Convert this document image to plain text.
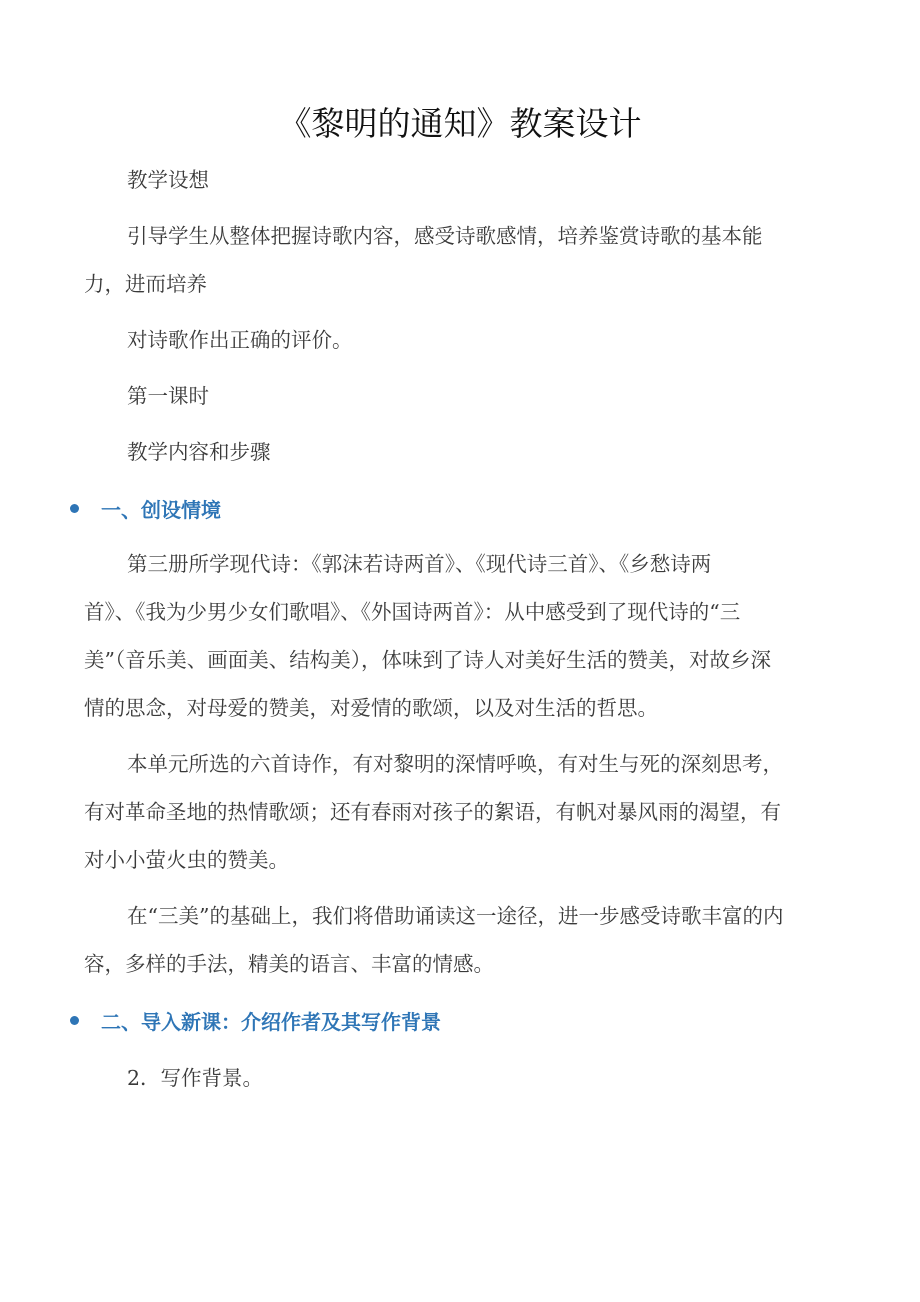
《黎明的通知》教案设计
教学设想
引导学生从整体把握诗歌内容，感受诗歌感情，培养鉴赏诗歌的基本能
力，进而培养
对诗歌作出正确的评价。
第一课时
教学内容和步骤
一、创设情境
第三册所学现代诗：《郭沫若诗两首》、《现代诗三首》、《乡愁诗两
首》、《我为少男少女们歌唱》、《外国诗两首》：从中感受到了现代诗的“三
美”（音乐美、画面美、结构美），体味到了诗人对美好生活的赞美，对故乡深
情的思念，对母爱的赞美，对爱情的歌颂，以及对生活的哲思。
本单元所选的六首诗作，有对黎明的深情呼唤，有对生与死的深刻思考，
有对革命圣地的热情歌颂；还有春雨对孩子的絮语，有帆对暴风雨的渴望，有
对小小萤火虫的赞美。
在“三美”的基础上，我们将借助诵读这一途径，进一步感受诗歌丰富的内
容，多样的手法，精美的语言、丰富的情感。
二、导入新课：介绍作者及其写作背景
2．写作背景。
